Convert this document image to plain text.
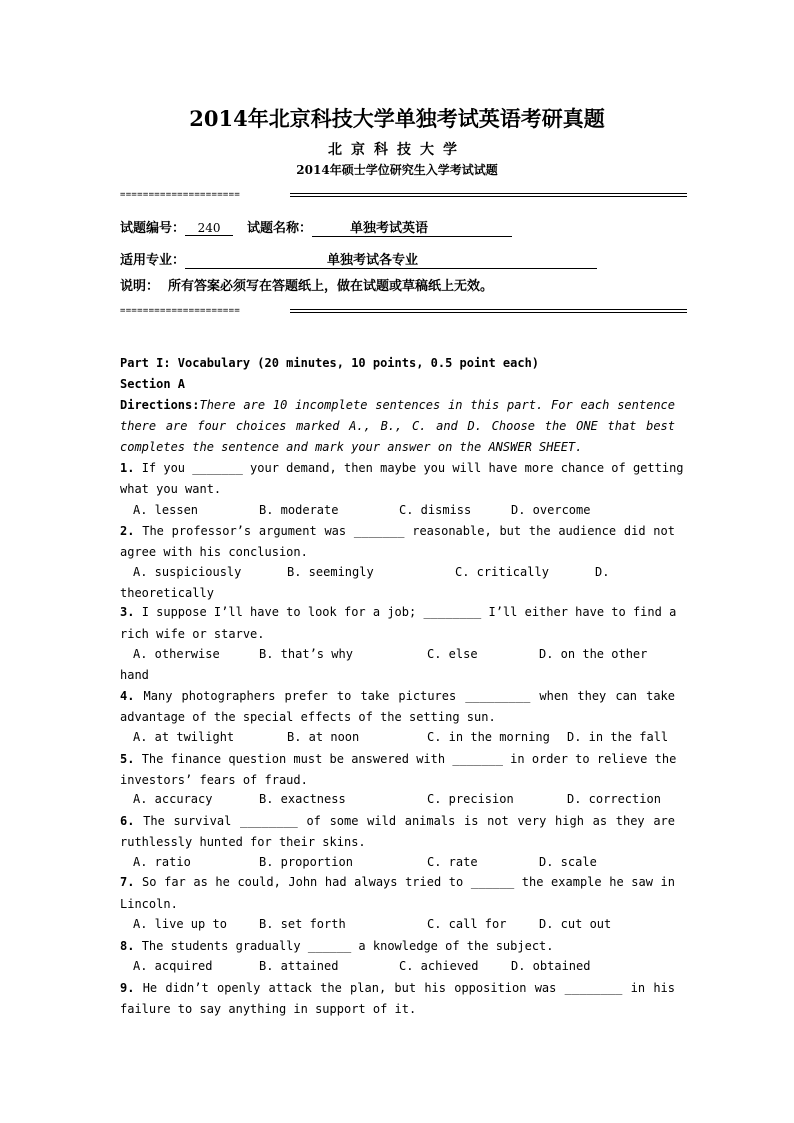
2014年北京科技大学单独考试英语考研真题
北京科技大学
2014年硕士学位研究生入学考试试题
=====================
试题编号： 240 试题名称：	单独考试英语
适用专业：	单独考试各专业
说明： 所有答案必须写在答题纸上，做在试题或草稿纸上无效。
=====================
Part I: Vocabulary (20 minutes, 10 points, 0.5 point each)
Section A
Directions:There are 10 incomplete sentences in this part. For each sentence
there are four choices marked A., B., C. and D. Choose the ONE that best
completes the sentence and mark your answer on the ANSWER SHEET.
1. If you _______ your demand, then maybe you will have more chance of getting
what you want.
A. lessen	B. moderate	C. dismiss	D. overcome
2. The professor’s argument was _______ reasonable, but the audience did not
agree with his conclusion.
A. suspiciously	B. seemingly	C. critically	D.
theoretically
3. I suppose I’ll have to look for a job; ________ I’ll either have to find a
rich wife or starve.
A. otherwise	B. that’s why	C. else	D. on the other
hand
4. Many photographers prefer to take pictures _________ when they can take
advantage of the special effects of the setting sun.
A. at twilight	B. at noon	C. in the morning D. in the fall
5. The finance question must be answered with _______ in order to relieve the
investors’ fears of fraud.
A. accuracy	B. exactness	C. precision	D. correction
6. The survival ________ of some wild animals is not very high as they are
ruthlessly hunted for their skins.
A. ratio	B. proportion	C. rate	D. scale
7. So far as he could, John had always tried to ______ the example he saw in
Lincoln.
A. live up to	B. set forth	C. call for	D. cut out
8. The students gradually ______ a knowledge of the subject.
A. acquired	B. attained	C. achieved	D. obtained
9. He didn’t openly attack the plan, but his opposition was ________ in his
failure to say anything in support of it.
